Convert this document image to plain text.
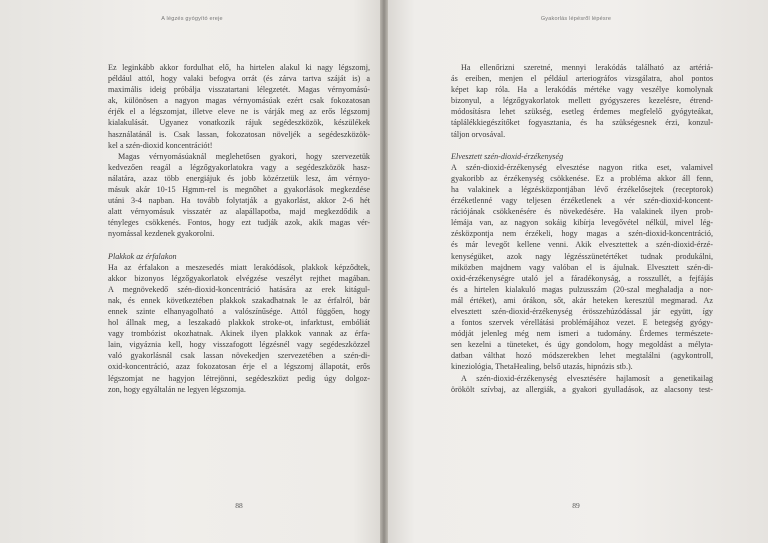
A légzés gyógyító ereje
Ez leginkább akkor fordulhat elő, ha hirtelen alakul ki nagy légszomj,
például attól, hogy valaki befogva orrát (és zárva tartva száját is) a
maximális ideig próbálja visszatartani lélegzetét. Magas vérnyomású-
ak, különösen a nagyon magas vérnyomásúak ezért csak fokozatosan
érjék el a légszomjat, illetve eleve ne is várják meg az erős légszomj
kialakulását. Ugyanez vonatkozik rájuk segédeszközök, készülékek
használatánál is. Csak lassan, fokozatosan növeljék a segédeszközök-
kel a szén-dioxid koncentrációt!
Magas vérnyomásúaknál meglehetősen gyakori, hogy szervezetük
kedvezően reagál a légzőgyakorlatokra vagy a segédeszközök hasz-
nálatára, azaz több energiájuk és jobb közérzetük lesz, ám vérnyo-
másuk akár 10-15 Hgmm-rel is megnőhet a gyakorlások megkezdése
utáni 3-4 napban. Ha tovább folytatják a gyakorlást, akkor 2-6 hét
alatt vérnyomásuk visszatér az alapállapotba, majd megkezdődik a
tényleges csökkenés. Fontos, hogy ezt tudják azok, akik magas vér-
nyomással kezdenek gyakorolni.
Plakkok az érfalakon
Ha az érfalakon a meszesedés miatt lerakódások, plakkok képződtek,
akkor bizonyos légzőgyakorlatok elvégzése veszélyt rejthet magában.
A megnövekedő szén-dioxid-koncentráció hatására az erek kitágul-
nak, és ennek következtében plakkok szakadhatnak le az érfalról, bár
ennek szinte elhanyagolható a valószínűsége. Attól függően, hogy
hol állnak meg, a leszakadó plakkok stroke-ot, infarktust, embóliát
vagy trombózist okozhatnak. Akinek ilyen plakkok vannak az érfa-
lain, vigyáznia kell, hogy visszafogott légzésnél vagy segédeszközzel
való gyakorlásnál csak lassan növekedjen szervezetében a szén-di-
oxid-koncentráció, azaz fokozatosan érje el a légszomj állapotát, erős
légszomjat ne hagyjon létrejönni, segédeszközt pedig úgy dolgoz-
zon, hogy egyáltalán ne legyen légszomja.
88
Gyakorlás lépésről lépésre
Ha ellenőrizni szeretné, mennyi lerakódás található az artériá-
ás ereiben, menjen el például arteriográfos vizsgálatra, ahol pontos
képet kap róla. Ha a lerakódás mértéke vagy veszélye komolynak
bizonyul, a légzőgyakorlatok mellett gyógyszeres kezelésre, étrend-
módosításra lehet szükség, esetleg érdemes megfelelő gyógyteákat,
táplálékkiegészítőket fogyasztania, és ha szükségesnek érzi, konzul-
táljon orvosával.
Elvesztett szén-dioxid-érzékenység
A szén-dioxid-érzékenység elvesztése nagyon ritka eset, valamivel
gyakoribb az érzékenység csökkenése. Ez a probléma akkor áll fenn,
ha valakinek a légzésközpontjában lévő érzékelősejtek (receptorok)
érzéketlenné vagy teljesen érzéketlenek a vér szén-dioxid-koncent-
rációjának csökkenésére és növekedésére. Ha valakinek ilyen prob-
lémája van, az nagyon sokáig kibírja levegővétel nélkül, mivel lég-
zésközpontja nem érzékeli, hogy magas a szén-dioxid-koncentráció,
és már levegőt kellene venni. Akik elvesztettek a szén-dioxid-érzé-
kenységüket, azok nagy légzésszünetértéket tudnak produkálni,
miközben majdnem vagy valóban el is ájulnak. Elvesztett szén-di-
oxid-érzékenységre utaló jel a fáradékonyság, a rosszullét, a fejfájás
és a hirtelen kialakuló magas pulzusszám (20-szal meghaladja a nor-
mál értéket), ami órákon, sőt, akár heteken keresztül megmarad. Az
elvesztett szén-dioxid-érzékenység érösszehúzódással jár együtt, így
a fontos szervek vérellátási problémájához vezet. E betegség gyógy-
módját jelenleg még nem ismeri a tudomány. Érdemes természete-
sen kezelni a tüneteket, és úgy gondolom, hogy megoldást a mélyta-
datban válthat hozó módszerekben lehet megtalálni (agykontroll,
kineziológia, ThetaHealing, belső utazás, hipnózis stb.).
A szén-dioxid-érzékenység elvesztésére hajlamosít a genetikailag
örökölt szívbaj, az allergiák, a gyakori gyulladások, az alacsony test-
89
